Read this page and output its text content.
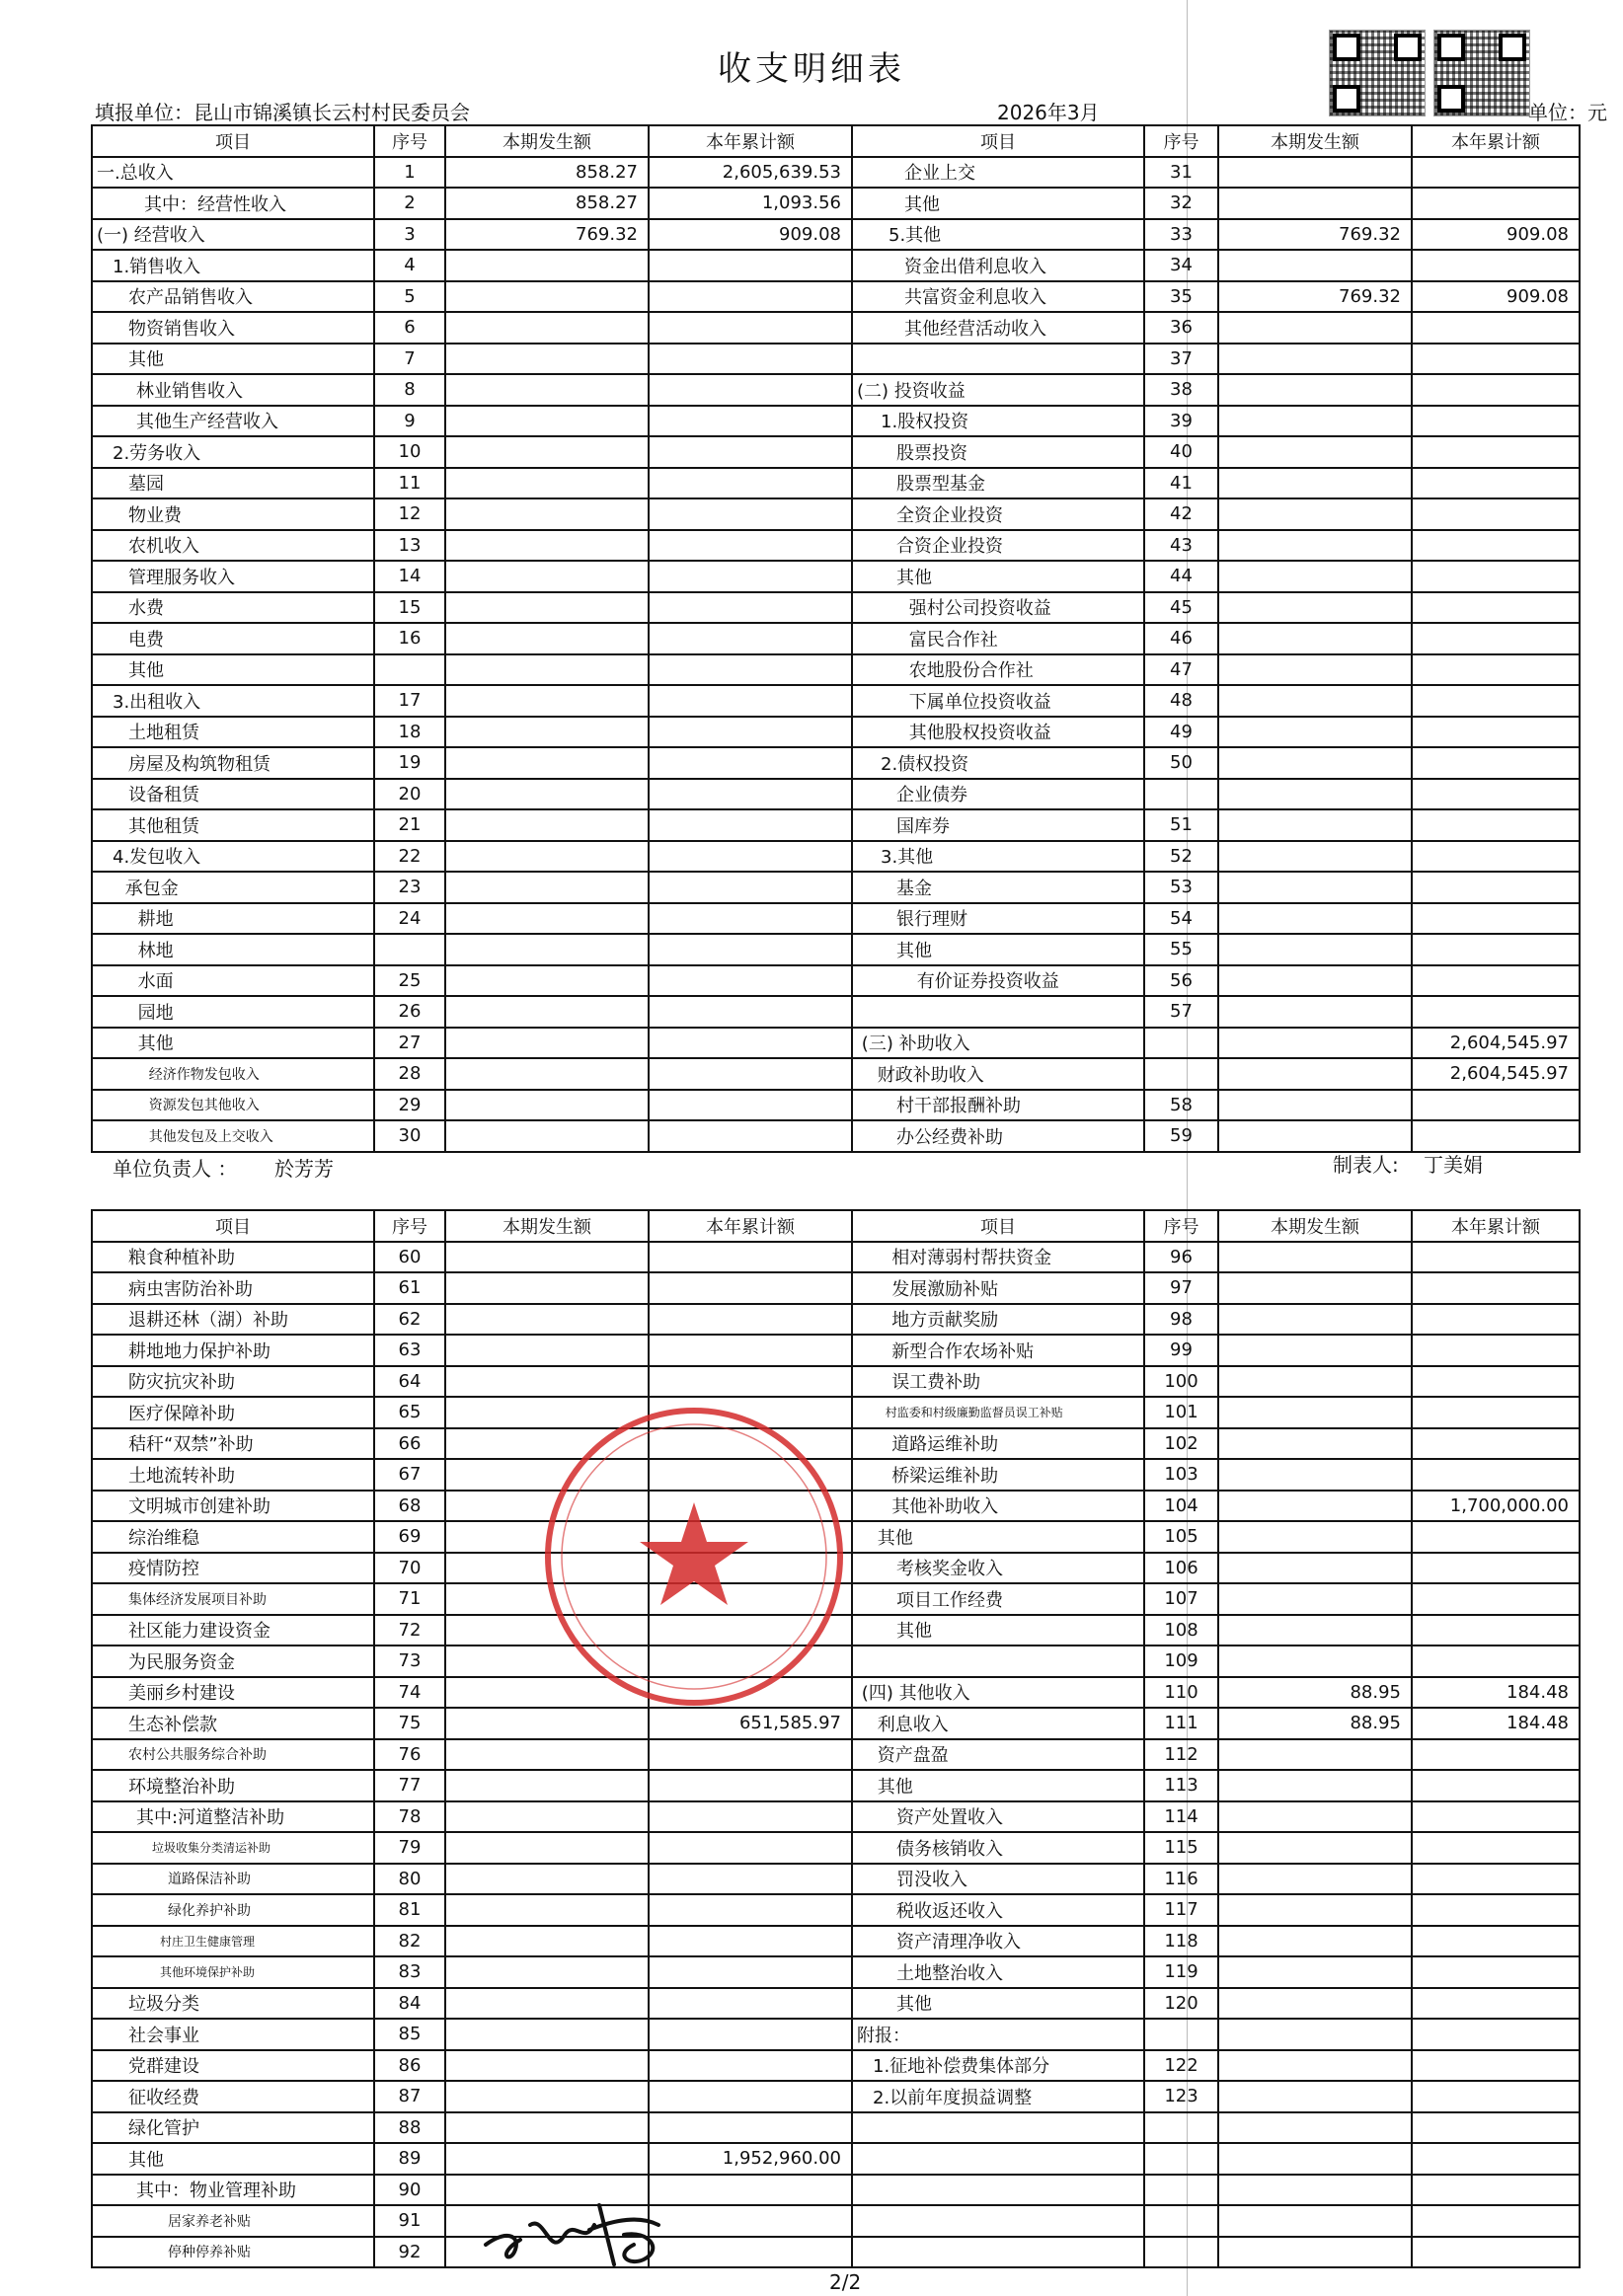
收支明细表
填报单位：昆山市锦溪镇长云村村民委员会	2026年3月	单位：元
项目	序号	本期发生额	本年累计额	项目	序号	本期发生额	本年累计额
一.总收入	1	858.27	2,605,639.53	企业上交	31		
其中：经营性收入	2	858.27	1,093.56	其他	32		
(一) 经营收入	3	769.32	909.08	5.其他	33	769.32	909.08
1.销售收入	4			资金出借利息收入	34		
农产品销售收入	5			共富资金利息收入	35	769.32	909.08
物资销售收入	6			其他经营活动收入	36		
其他	7				37		
林业销售收入	8			(二) 投资收益	38		
其他生产经营收入	9			1.股权投资	39		
2.劳务收入	10			股票投资	40		
墓园	11			股票型基金	41		
物业费	12			全资企业投资	42		
农机收入	13			合资企业投资	43		
管理服务收入	14			其他	44		
水费	15			强村公司投资收益	45		
电费	16			富民合作社	46		
其他				农地股份合作社	47		
3.出租收入	17			下属单位投资收益	48		
土地租赁	18			其他股权投资收益	49		
房屋及构筑物租赁	19			2.债权投资	50		
设备租赁	20			企业债券			
其他租赁	21			国库券	51		
4.发包收入	22			3.其他	52		
承包金	23			基金	53		
耕地	24			银行理财	54		
林地				其他	55		
水面	25			有价证券投资收益	56		
园地	26				57		
其他	27			(三) 补助收入			2,604,545.97
经济作物发包收入	28			财政补助收入			2,604,545.97
资源发包其他收入	29			村干部报酬补助	58		
其他发包及上交收入	30			办公经费补助	59		
单位负责人 ： 於芳芳	制表人: 丁美娟
项目	序号	本期发生额	本年累计额	项目	序号	本期发生额	本年累计额
粮食种植补助	60			相对薄弱村帮扶资金	96		
病虫害防治补助	61			发展激励补贴	97		
退耕还林（湖）补助	62			地方贡献奖励	98		
耕地地力保护补助	63			新型合作农场补贴	99		
防灾抗灾补助	64			误工费补助	100		
医疗保障补助	65			村监委和村级廉勤监督员误工补贴	101		
秸秆“双禁”补助	66			道路运维补助	102		
土地流转补助	67			桥梁运维补助	103		
文明城市创建补助	68			其他补助收入	104		1,700,000.00
综治维稳	69			其他	105		
疫情防控	70			考核奖金收入	106		
集体经济发展项目补助	71			项目工作经费	107		
社区能力建设资金	72			其他	108		
为民服务资金	73				109		
美丽乡村建设	74			(四) 其他收入	110	88.95	184.48
生态补偿款	75		651,585.97	利息收入	111	88.95	184.48
农村公共服务综合补助	76			资产盘盈	112		
环境整治补助	77			其他	113		
其中:河道整洁补助	78			资产处置收入	114		
垃圾收集分类清运补助	79			债务核销收入	115		
道路保洁补助	80			罚没收入	116		
绿化养护补助	81			税收返还收入	117		
村庄卫生健康管理	82			资产清理净收入	118		
其他环境保护补助	83			土地整治收入	119		
垃圾分类	84			其他	120		
社会事业	85			附报：			
党群建设	86			1.征地补偿费集体部分	122		
征收经费	87			2.以前年度损益调整	123		
绿化管护	88						
其他	89		1,952,960.00				
其中：物业管理补助	90						
居家养老补贴	91						
停种停养补贴	92						
2/2
